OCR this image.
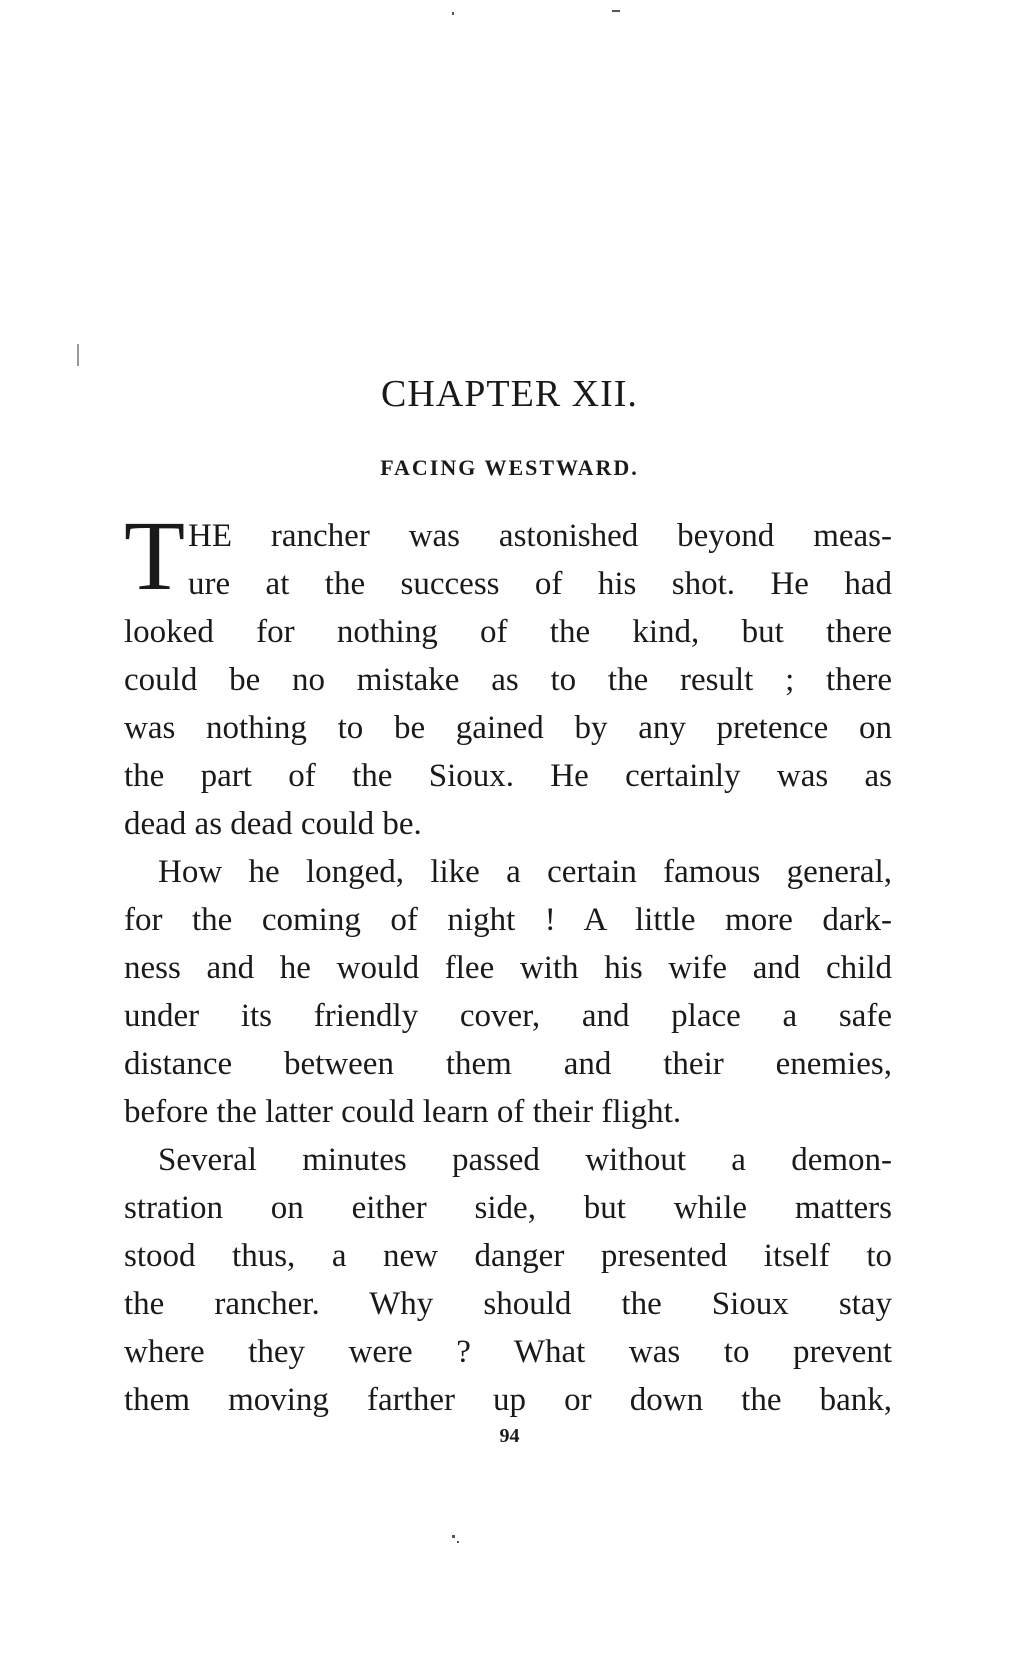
CHAPTER XII.
FACING WESTWARD.
T HE rancher was astonished beyond meas-
ure at the success of his shot. He had
looked for nothing of the kind, but there
could be no mistake as to the result ; there
was nothing to be gained by any pretence on
the part of the Sioux. He certainly was as
dead as dead could be.
How he longed, like a certain famous general,
for the coming of night ! A little more dark-
ness and he would flee with his wife and child
under its friendly cover, and place a safe
distance between them and their enemies,
before the latter could learn of their flight.
Several minutes passed without a demon-
stration on either side, but while matters
stood thus, a new danger presented itself to
the rancher. Why should the Sioux stay
where they were ? What was to prevent
them moving farther up or down the bank,
94
